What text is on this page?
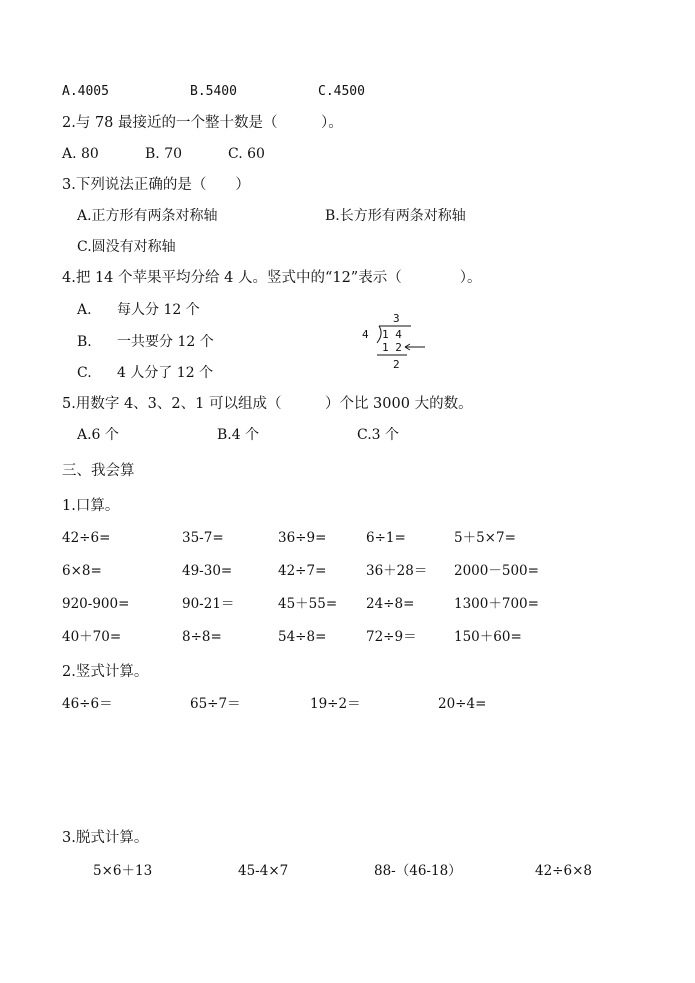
A.4005	B.5400	C.4500
2.与 78 最接近的一个整十数是（　　　）。
A. 80	B. 70	C. 60
3.下列说法正确的是（　　）
A.正方形有两条对称轴	B.长方形有两条对称轴
C.圆没有对称轴
4.把 14 个苹果平均分给 4 人。竖式中的“12”表示（　　　　）。
A. 每人分 12 个
B. 一共要分 12 个
C. 4 人分了 12 个
3
4 1 4
1 2
2
5.用数字 4、3、2、1 可以组成（　　　）个比 3000 大的数。
A.6 个	B.4 个	C.3 个
三、我会算
1.口算。
42÷6=	35-7=	36÷9=	6÷1=	5＋5×7=
6×8=	49-30=	42÷7=	36＋28＝ 2000－500=
920-900=	90-21＝	45＋55= 24÷8=	1300＋700=
40＋70=	8÷8=	54÷8=	72÷9＝	150＋60=
2.竖式计算。
46÷6＝	65÷7＝	19÷2＝	20÷4=
3.脱式计算。
5×6＋13	45-4×7	88-（46-18）	42÷6×8
